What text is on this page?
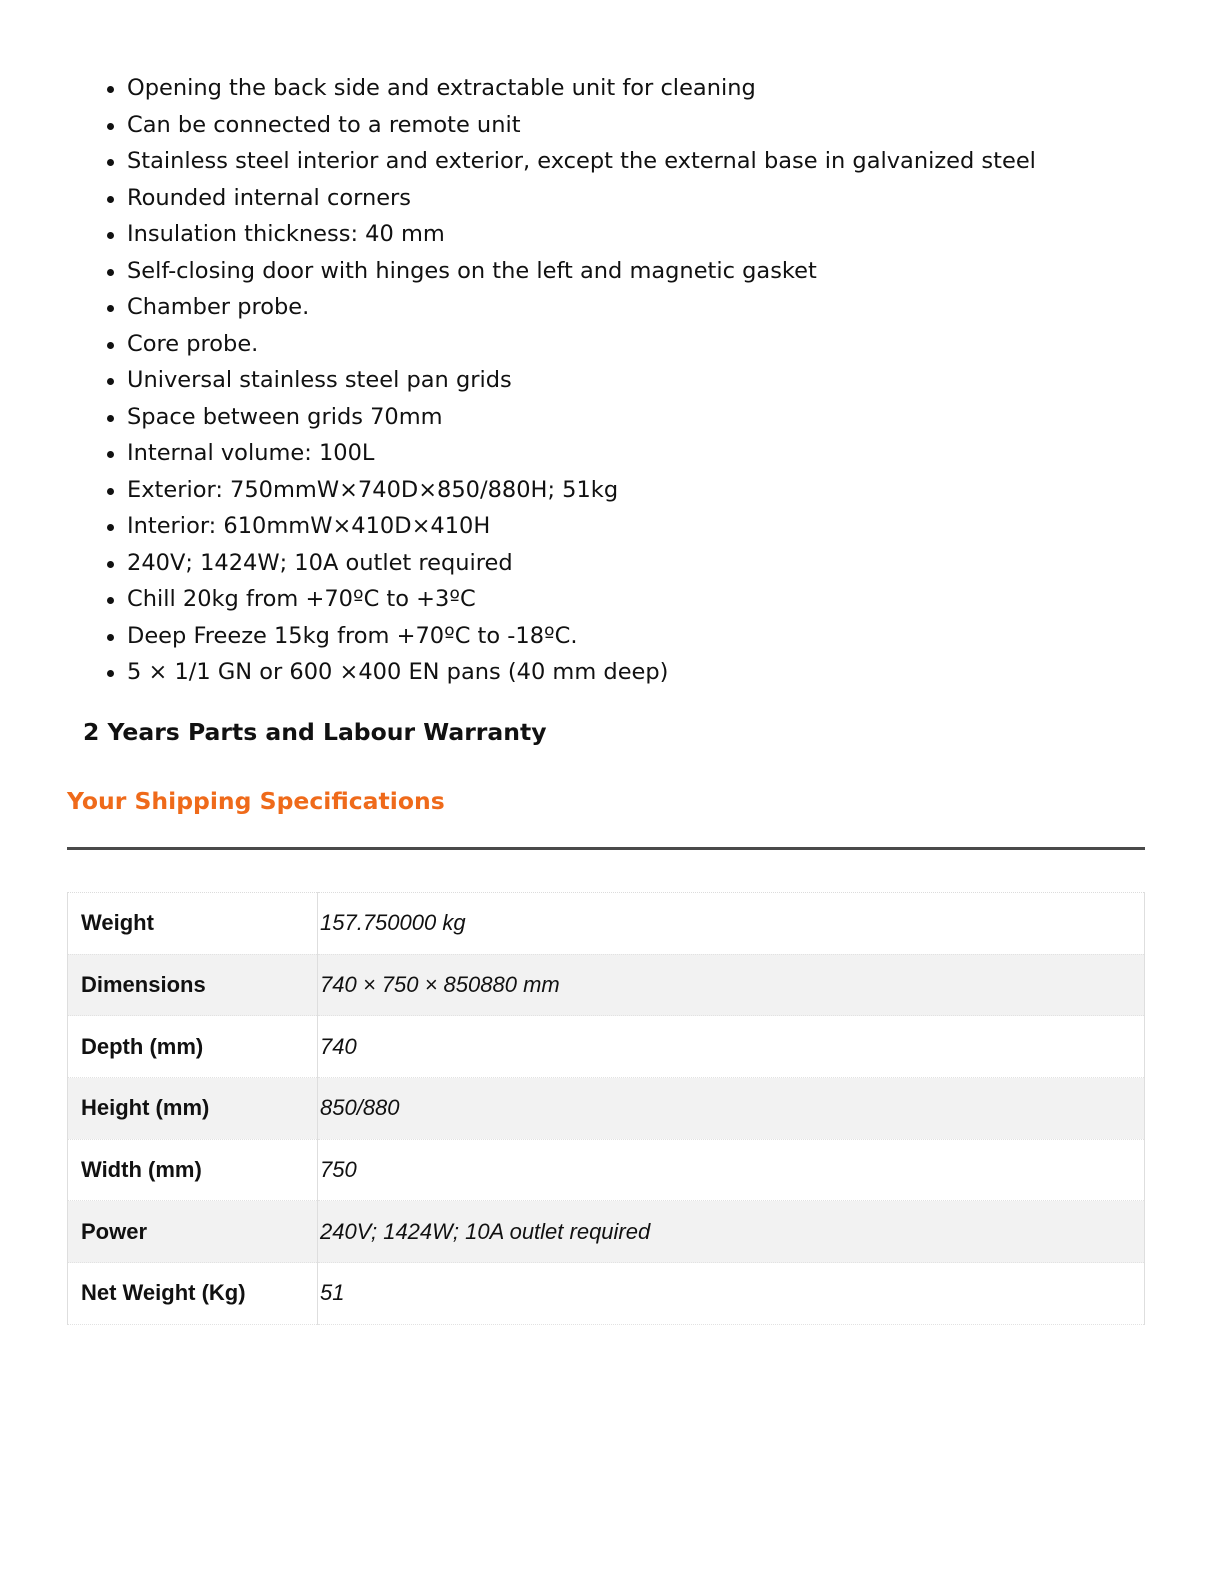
Opening the back side and extractable unit for cleaning
Can be connected to a remote unit
Stainless steel interior and exterior, except the external base in galvanized steel
Rounded internal corners
Insulation thickness: 40 mm
Self-closing door with hinges on the left and magnetic gasket
Chamber probe.
Core probe.
Universal stainless steel pan grids
Space between grids 70mm
Internal volume: 100L
Exterior: 750mmW×740D×850/880H; 51kg
Interior: 610mmW×410D×410H
240V; 1424W; 10A outlet required
Chill 20kg from +70ºC to +3ºC
Deep Freeze 15kg from +70ºC to -18ºC.
5 × 1/1 GN or 600 ×400 EN pans (40 mm deep)

2 Years Parts and Labour Warranty

Your Shipping Specifications
Weight	157.750000 kg
Dimensions	740 × 750 × 850880 mm
Depth (mm)	740
Height (mm)	850/880
Width (mm)	750
Power	240V; 1424W; 10A outlet required
Net Weight (Kg)	51
